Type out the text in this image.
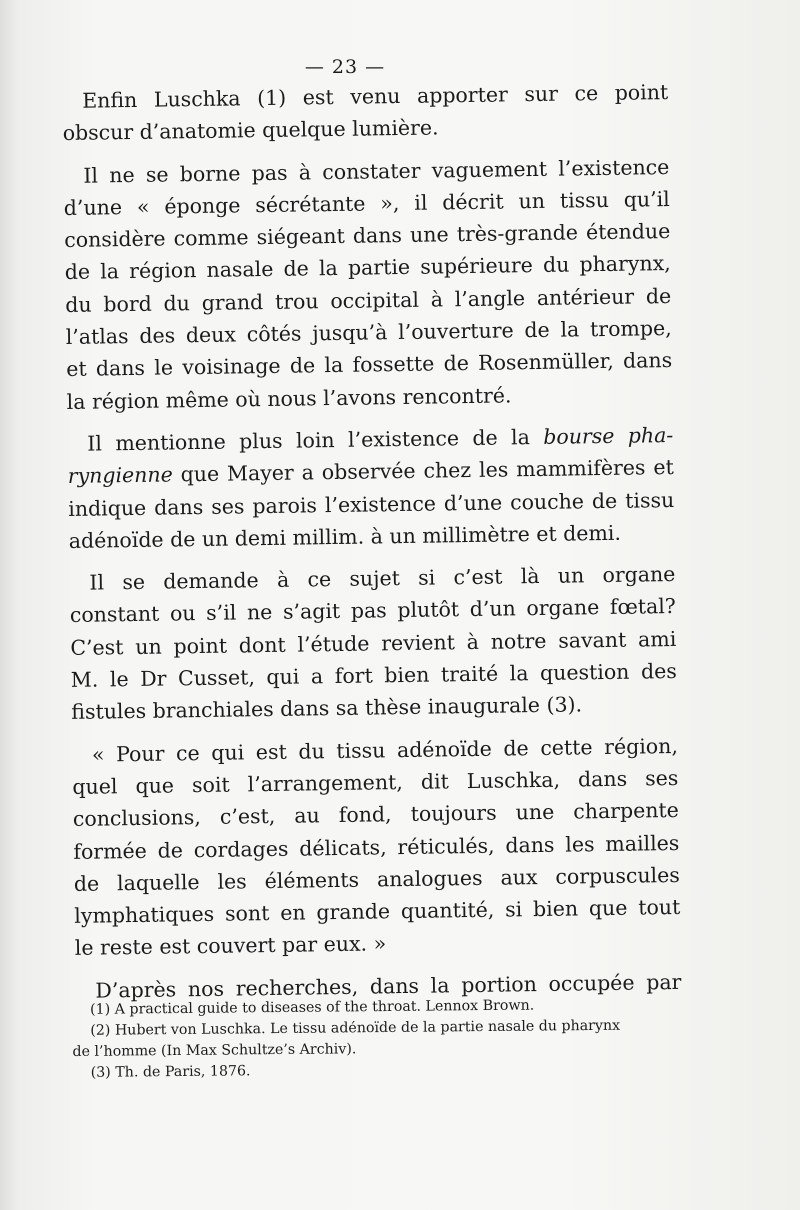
— 23 —
Enfin Luschka (1) est venu apporter sur ce point
obscur d’anatomie quelque lumière.
Il ne se borne pas à constater vaguement l’existence
d’une « éponge sécrétante », il décrit un tissu qu’il
considère comme siégeant dans une très-grande étendue
de la région nasale de la partie supérieure du pharynx,
du bord du grand trou occipital à l’angle antérieur de
l’atlas des deux côtés jusqu’à l’ouverture de la trompe,
et dans le voisinage de la fossette de Rosenmüller, dans
la région même où nous l’avons rencontré.
Il mentionne plus loin l’existence de la bourse pha-
ryngienne que Mayer a observée chez les mammifères et
indique dans ses parois l’existence d’une couche de tissu
adénoïde de un demi millim. à un millimètre et demi.
Il se demande à ce sujet si c’est là un organe
constant ou s’il ne s’agit pas plutôt d’un organe fœtal?
C’est un point dont l’étude revient à notre savant ami
M. le Dr Cusset, qui a fort bien traité la question des
fistules branchiales dans sa thèse inaugurale (3).
« Pour ce qui est du tissu adénoïde de cette région,
quel que soit l’arrangement, dit Luschka, dans ses
conclusions, c’est, au fond, toujours une charpente
formée de cordages délicats, réticulés, dans les mailles
de laquelle les éléments analogues aux corpuscules
lymphatiques sont en grande quantité, si bien que tout
le reste est couvert par eux. »
D’après nos recherches, dans la portion occupée par
(1) A practical guide to diseases of the throat. Lennox Brown.
(2) Hubert von Luschka. Le tissu adénoïde de la partie nasale du pharynx
de l’homme (In Max Schultze’s Archiv).
(3) Th. de Paris, 1876.
